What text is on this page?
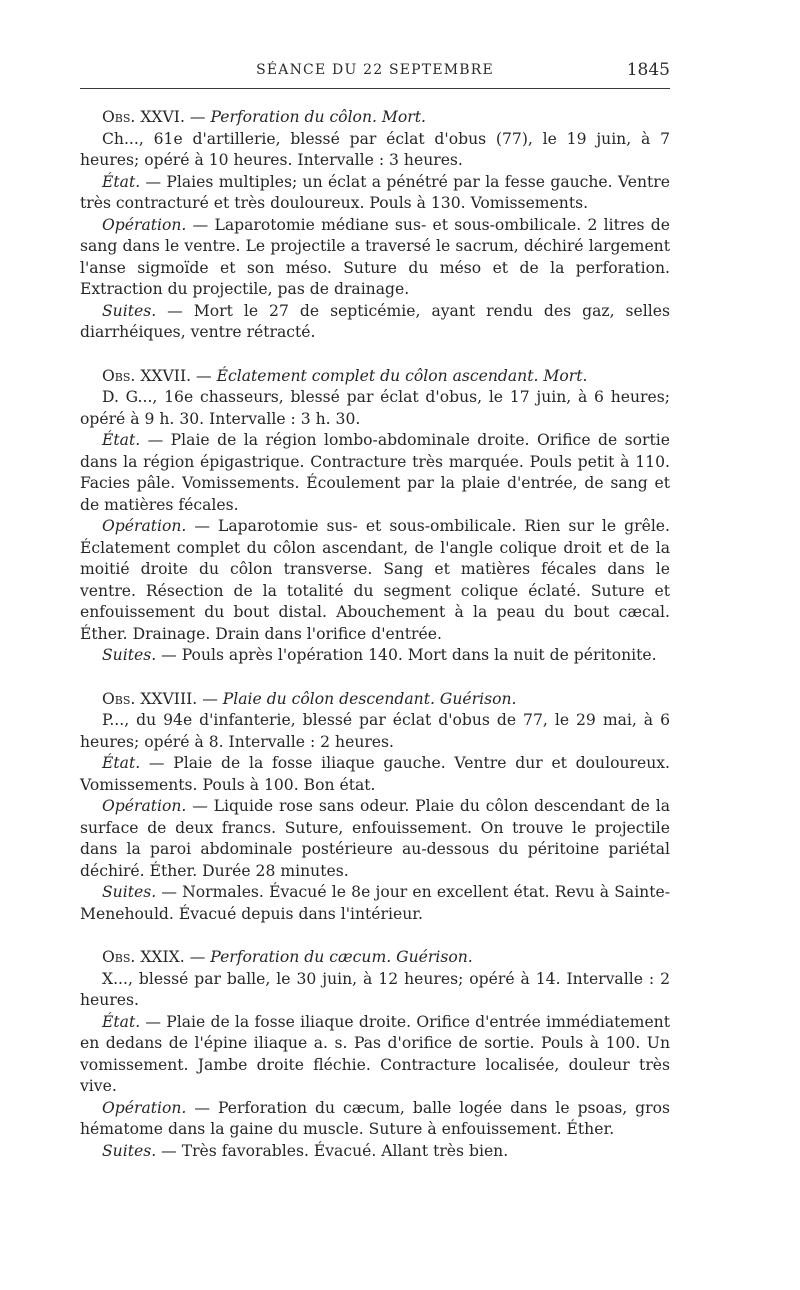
SÉANCE DU 22 SEPTEMBRE	1845

Obs. XXVI. — Perforation du côlon. Mort.

Ch..., 61e d'artillerie, blessé par éclat d'obus (77), le 19 juin, à 7 heures; opéré à 10 heures. Intervalle : 3 heures.

État. — Plaies multiples; un éclat a pénétré par la fesse gauche. Ventre très contracturé et très douloureux. Pouls à 130. Vomissements.

Opération. — Laparotomie médiane sus- et sous-ombilicale. 2 litres de sang dans le ventre. Le projectile a traversé le sacrum, déchiré largement l'anse sigmoïde et son méso. Suture du méso et de la perforation. Extraction du projectile, pas de drainage.

Suites. — Mort le 27 de septicémie, ayant rendu des gaz, selles diarrhéiques, ventre rétracté.

Obs. XXVII. — Éclatement complet du côlon ascendant. Mort.

D. G..., 16e chasseurs, blessé par éclat d'obus, le 17 juin, à 6 heures; opéré à 9 h. 30. Intervalle : 3 h. 30.

État. — Plaie de la région lombo-abdominale droite. Orifice de sortie dans la région épigastrique. Contracture très marquée. Pouls petit à 110. Facies pâle. Vomissements. Écoulement par la plaie d'entrée, de sang et de matières fécales.

Opération. — Laparotomie sus- et sous-ombilicale. Rien sur le grêle. Éclatement complet du côlon ascendant, de l'angle colique droit et de la moitié droite du côlon transverse. Sang et matières fécales dans le ventre. Résection de la totalité du segment colique éclaté. Suture et enfouissement du bout distal. Abouchement à la peau du bout cæcal. Éther. Drainage. Drain dans l'orifice d'entrée.

Suites. — Pouls après l'opération 140. Mort dans la nuit de péritonite.

Obs. XXVIII. — Plaie du côlon descendant. Guérison.

P..., du 94e d'infanterie, blessé par éclat d'obus de 77, le 29 mai, à 6 heures; opéré à 8. Intervalle : 2 heures.

État. — Plaie de la fosse iliaque gauche. Ventre dur et douloureux. Vomissements. Pouls à 100. Bon état.

Opération. — Liquide rose sans odeur. Plaie du côlon descendant de la surface de deux francs. Suture, enfouissement. On trouve le projectile dans la paroi abdominale postérieure au-dessous du péritoine pariétal déchiré. Éther. Durée 28 minutes.

Suites. — Normales. Évacué le 8e jour en excellent état. Revu à Sainte-Menehould. Évacué depuis dans l'intérieur.

Obs. XXIX. — Perforation du cæcum. Guérison.

X..., blessé par balle, le 30 juin, à 12 heures; opéré à 14. Intervalle : 2 heures.

État. — Plaie de la fosse iliaque droite. Orifice d'entrée immédiatement en dedans de l'épine iliaque a. s. Pas d'orifice de sortie. Pouls à 100. Un vomissement. Jambe droite fléchie. Contracture localisée, douleur très vive.

Opération. — Perforation du cæcum, balle logée dans le psoas, gros hématome dans la gaine du muscle. Suture à enfouissement. Éther.

Suites. — Très favorables. Évacué. Allant très bien.
